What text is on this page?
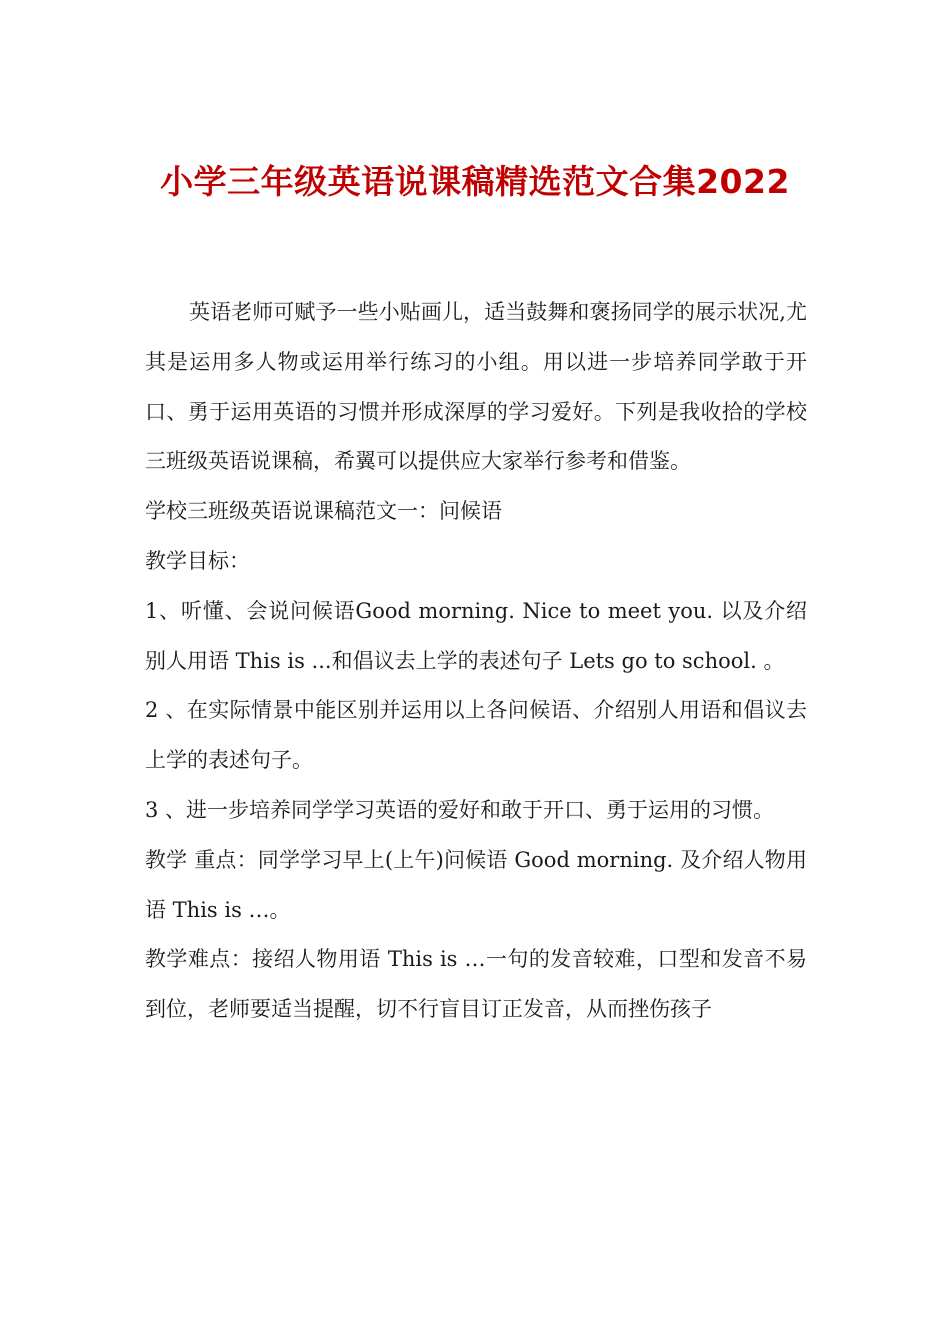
小学三年级英语说课稿精选范文合集2022

英语老师可赋予一些小贴画儿，适当鼓舞和褒扬同学的展示状况,尤其是运用多人物或运用举行练习的小组。用以进一步培养同学敢于开口、勇于运用英语的习惯并形成深厚的学习爱好。下列是我收拾的学校三班级英语说课稿，希翼可以提供应大家举行参考和借鉴。

学校三班级英语说课稿范文一：问候语

教学目标：

1、听懂、会说问候语Good morning. Nice to meet you. 以及介绍别人用语 This is ...和倡议去上学的表述句子 Lets go to school. 。

2 、在实际情景中能区别并运用以上各问候语、介绍别人用语和倡议去上学的表述句子。

3 、进一步培养同学学习英语的爱好和敢于开口、勇于运用的习惯。

教学 重点：同学学习早上(上午)问候语 Good morning. 及介绍人物用语 This is …。

教学难点：接绍人物用语 This is …一句的发音较难，口型和发音不易到位，老师要适当提醒，切不行盲目订正发音，从而挫伤孩子
